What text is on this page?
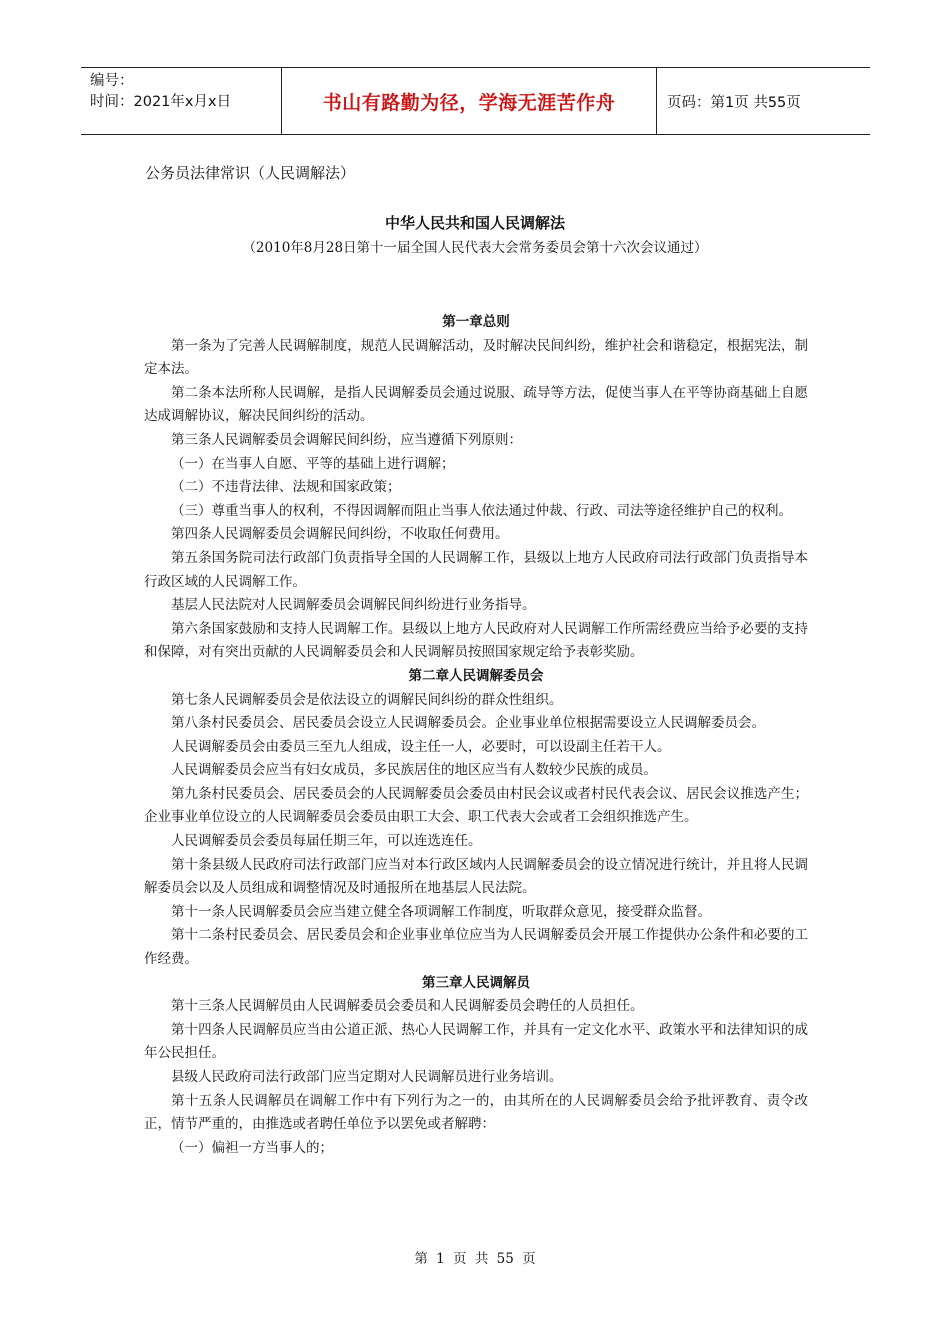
编号：
时间：2021年x月x日	书山有路勤为径，学海无涯苦作舟	页码：第1页 共55页
公务员法律常识（人民调解法）
中华人民共和国人民调解法
（2010年8月28日第十一届全国人民代表大会常务委员会第十六次会议通过）
第一章总则

第一条为了完善人民调解制度，规范人民调解活动，及时解决民间纠纷，维护社会和谐稳定，根据宪法，制定本法。

第二条本法所称人民调解，是指人民调解委员会通过说服、疏导等方法，促使当事人在平等协商基础上自愿达成调解协议，解决民间纠纷的活动。

第三条人民调解委员会调解民间纠纷，应当遵循下列原则：

（一）在当事人自愿、平等的基础上进行调解；

（二）不违背法律、法规和国家政策；

（三）尊重当事人的权利，不得因调解而阻止当事人依法通过仲裁、行政、司法等途径维护自己的权利。

第四条人民调解委员会调解民间纠纷，不收取任何费用。

第五条国务院司法行政部门负责指导全国的人民调解工作，县级以上地方人民政府司法行政部门负责指导本行政区域的人民调解工作。

基层人民法院对人民调解委员会调解民间纠纷进行业务指导。

第六条国家鼓励和支持人民调解工作。县级以上地方人民政府对人民调解工作所需经费应当给予必要的支持和保障，对有突出贡献的人民调解委员会和人民调解员按照国家规定给予表彰奖励。

第二章人民调解委员会

第七条人民调解委员会是依法设立的调解民间纠纷的群众性组织。

第八条村民委员会、居民委员会设立人民调解委员会。企业事业单位根据需要设立人民调解委员会。

人民调解委员会由委员三至九人组成，设主任一人，必要时，可以设副主任若干人。

人民调解委员会应当有妇女成员，多民族居住的地区应当有人数较少民族的成员。

第九条村民委员会、居民委员会的人民调解委员会委员由村民会议或者村民代表会议、居民会议推选产生；企业事业单位设立的人民调解委员会委员由职工大会、职工代表大会或者工会组织推选产生。

人民调解委员会委员每届任期三年，可以连选连任。

第十条县级人民政府司法行政部门应当对本行政区域内人民调解委员会的设立情况进行统计，并且将人民调解委员会以及人员组成和调整情况及时通报所在地基层人民法院。

第十一条人民调解委员会应当建立健全各项调解工作制度，听取群众意见，接受群众监督。

第十二条村民委员会、居民委员会和企业事业单位应当为人民调解委员会开展工作提供办公条件和必要的工作经费。

第三章人民调解员

第十三条人民调解员由人民调解委员会委员和人民调解委员会聘任的人员担任。

第十四条人民调解员应当由公道正派、热心人民调解工作，并具有一定文化水平、政策水平和法律知识的成年公民担任。

县级人民政府司法行政部门应当定期对人民调解员进行业务培训。

第十五条人民调解员在调解工作中有下列行为之一的，由其所在的人民调解委员会给予批评教育、责令改正，情节严重的，由推选或者聘任单位予以罢免或者解聘：

（一）偏袒一方当事人的；

第 1 页 共 55 页
